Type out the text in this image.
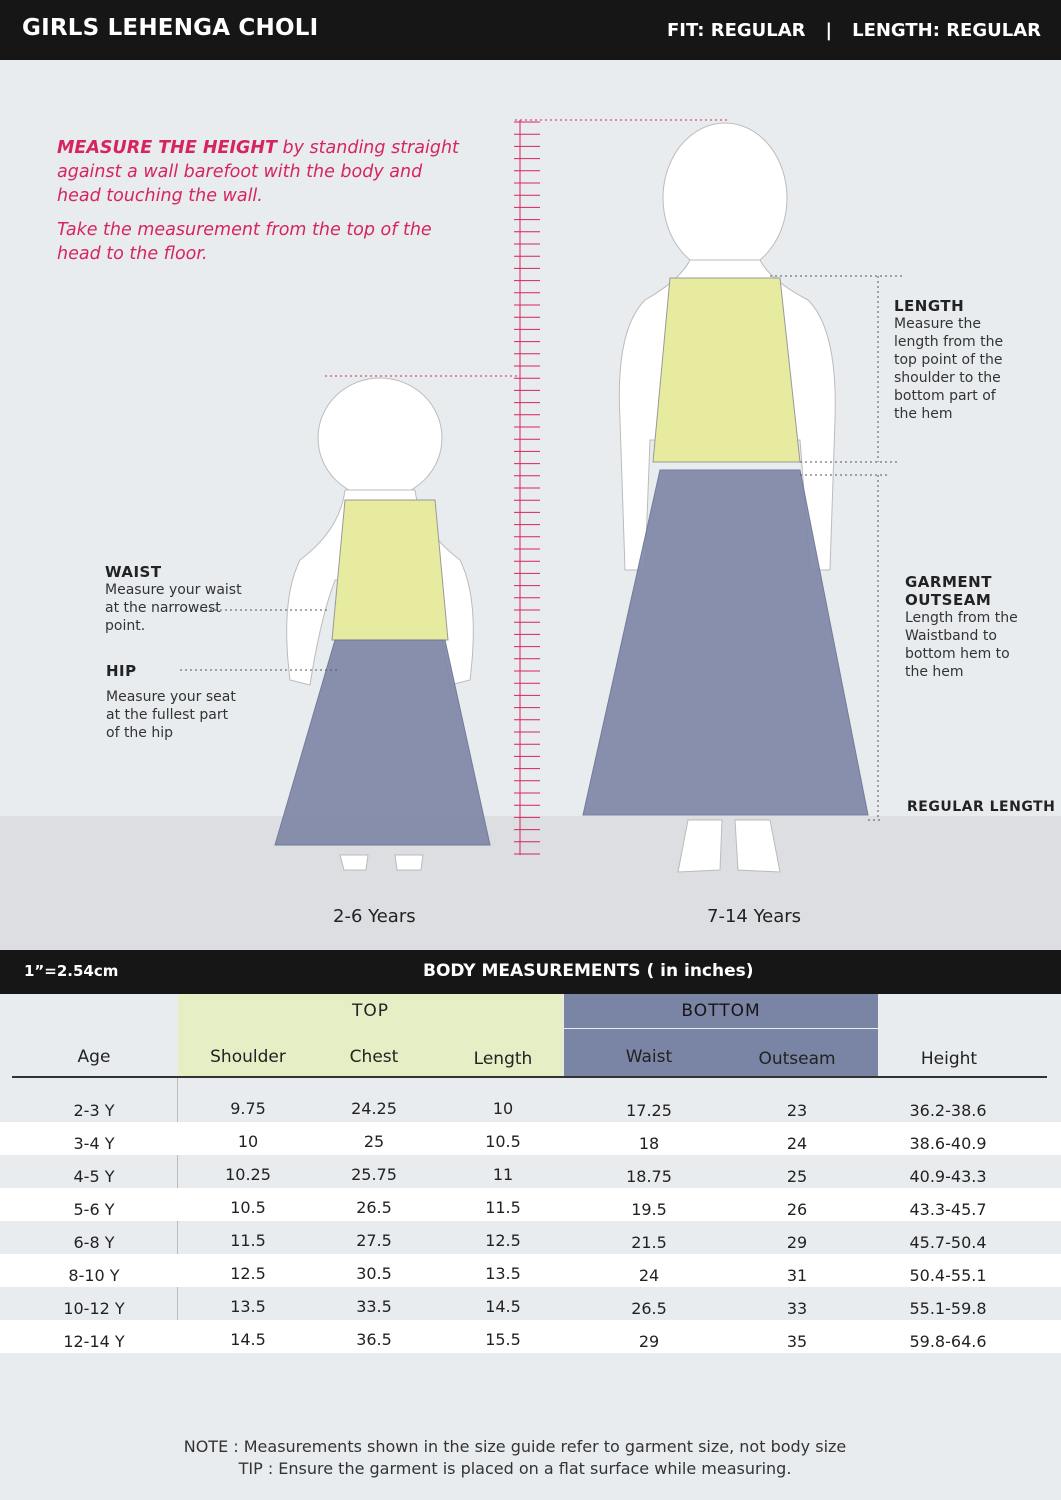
GIRLS LEHENGA CHOLI	FIT: REGULAR | LENGTH: REGULAR

MEASURE THE HEIGHT by standing straight against a wall barefoot with the body and head touching the wall.

Take the measurement from the top of the head to the floor.

WAIST
Measure your waist at the narrowest point.
HIP
Measure your seat at the fullest part of the hip
LENGTH
Measure the length from the top point of the shoulder to the bottom part of the hem
GARMENT OUTSEAM
Length from the Waistband to bottom hem to the hem
REGULAR LENGTH
2-6 Years	7-14 Years
1”=2.54cm	BODY MEASUREMENTS ( in inches)
TOP	BOTTOM
Age	Shoulder	Chest	Length	Waist	Outseam	Height
2-3 Y	9.75	24.25	10	17.25	23	36.2-38.6
3-4 Y	10	25	10.5	18	24	38.6-40.9
4-5 Y	10.25	25.75	11	18.75	25	40.9-43.3
5-6 Y	10.5	26.5	11.5	19.5	26	43.3-45.7
6-8 Y	11.5	27.5	12.5	21.5	29	45.7-50.4
8-10 Y	12.5	30.5	13.5	24	31	50.4-55.1
10-12 Y	13.5	33.5	14.5	26.5	33	55.1-59.8
12-14 Y	14.5	36.5	15.5	29	35	59.8-64.6
NOTE : Measurements shown in the size guide refer to garment size, not body size
TIP : Ensure the garment is placed on a flat surface while measuring.
